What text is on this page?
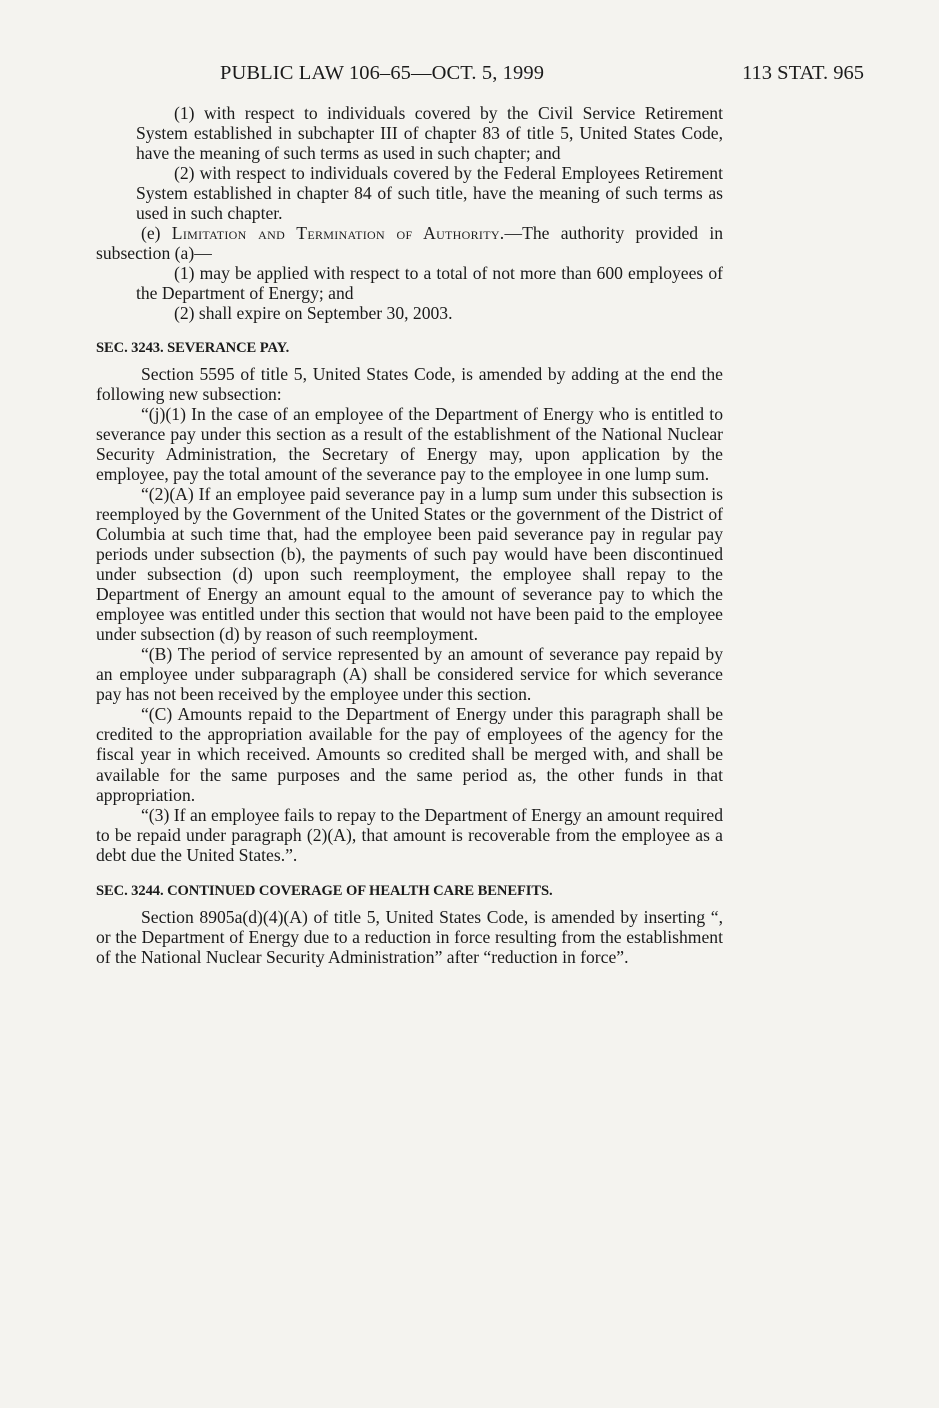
PUBLIC LAW 106–65—OCT. 5, 1999	113 STAT. 965

(1) with respect to individuals covered by the Civil Service Retirement System established in subchapter III of chapter 83 of title 5, United States Code, have the meaning of such terms as used in such chapter; and

(2) with respect to individuals covered by the Federal Employees Retirement System established in chapter 84 of such title, have the meaning of such terms as used in such chapter.

(e) Limitation and Termination of Authority.—The authority provided in subsection (a)—

(1) may be applied with respect to a total of not more than 600 employees of the Department of Energy; and

(2) shall expire on September 30, 2003.

SEC. 3243. SEVERANCE PAY.

Section 5595 of title 5, United States Code, is amended by adding at the end the following new subsection:

“(j)(1) In the case of an employee of the Department of Energy who is entitled to severance pay under this section as a result of the establishment of the National Nuclear Security Administration, the Secretary of Energy may, upon application by the employee, pay the total amount of the severance pay to the employee in one lump sum.

“(2)(A) If an employee paid severance pay in a lump sum under this subsection is reemployed by the Government of the United States or the government of the District of Columbia at such time that, had the employee been paid severance pay in regular pay periods under subsection (b), the payments of such pay would have been discontinued under subsection (d) upon such reemployment, the employee shall repay to the Department of Energy an amount equal to the amount of severance pay to which the employee was entitled under this section that would not have been paid to the employee under subsection (d) by reason of such reemployment.

“(B) The period of service represented by an amount of severance pay repaid by an employee under subparagraph (A) shall be considered service for which severance pay has not been received by the employee under this section.

“(C) Amounts repaid to the Department of Energy under this paragraph shall be credited to the appropriation available for the pay of employees of the agency for the fiscal year in which received. Amounts so credited shall be merged with, and shall be available for the same purposes and the same period as, the other funds in that appropriation.

“(3) If an employee fails to repay to the Department of Energy an amount required to be repaid under paragraph (2)(A), that amount is recoverable from the employee as a debt due the United States.”.

SEC. 3244. CONTINUED COVERAGE OF HEALTH CARE BENEFITS.

Section 8905a(d)(4)(A) of title 5, United States Code, is amended by inserting “, or the Department of Energy due to a reduction in force resulting from the establishment of the National Nuclear Security Administration” after “reduction in force”.
